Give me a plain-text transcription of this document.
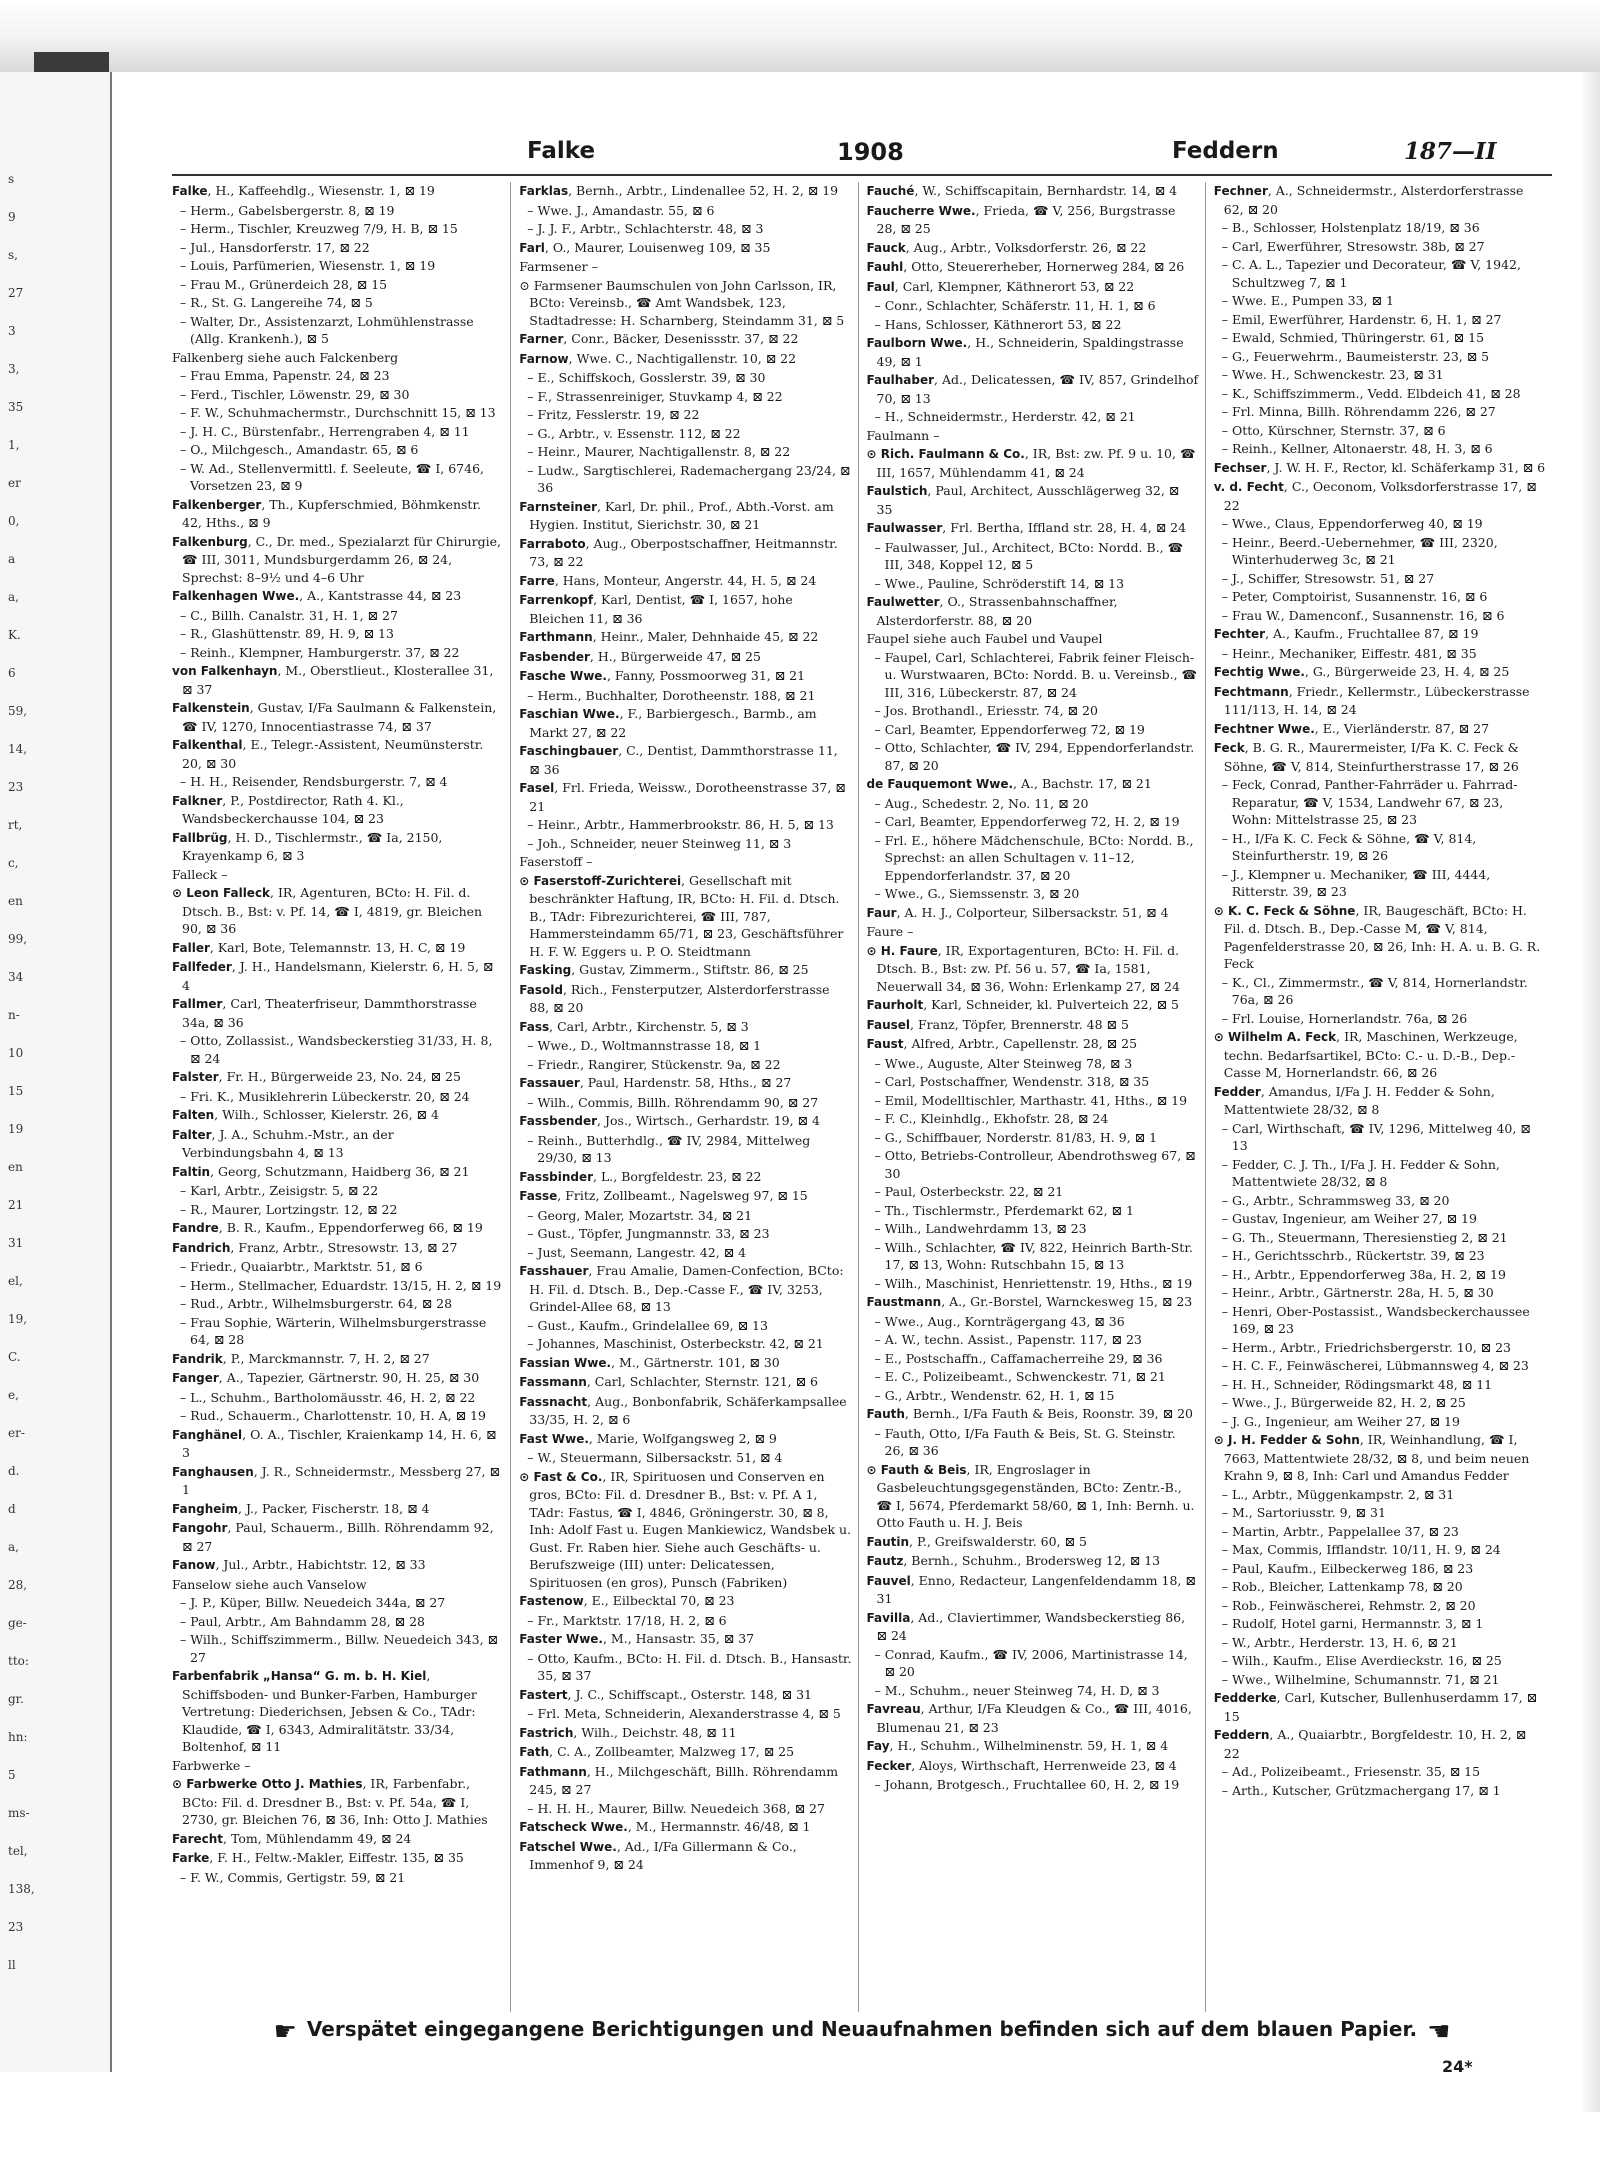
s
9
s,
27
3
3,
35
1,
er
0,
a
a,
K.
6
59,
14,
23
rt,
c,
en
99,
34
n-
10
15
19
en
21
31
el,
19,
C.
e,
er-
d.
d
a,
28,
ge-
tto:
gr.
hn:
5
ms-
tel,
138,
23
ll
Falke	1908	Feddern	187—II
Falke, H., Kaffeehdlg., Wiesenstr. 1, ⊠ 19
– Herm., Gabelsbergerstr. 8, ⊠ 19
– Herm., Tischler, Kreuzweg 7/9, H. B, ⊠ 15
– Jul., Hansdorferstr. 17, ⊠ 22
– Louis, Parfümerien, Wiesenstr. 1, ⊠ 19
– Frau M., Grünerdeich 28, ⊠ 15
– R., St. G. Langereihe 74, ⊠ 5
– Walter, Dr., Assistenzarzt, Lohmühlenstrasse (Allg. Krankenh.), ⊠ 5
Falkenberg siehe auch Falckenberg
– Frau Emma, Papenstr. 24, ⊠ 23
– Ferd., Tischler, Löwenstr. 29, ⊠ 30
– F. W., Schuhmachermstr., Durchschnitt 15, ⊠ 13
– J. H. C., Bürstenfabr., Herrengraben 4, ⊠ 11
– O., Milchgesch., Amandastr. 65, ⊠ 6
– W. Ad., Stellenvermittl. f. Seeleute, ☎ I, 6746, Vorsetzen 23, ⊠ 9
Falkenberger, Th., Kupferschmied, Böhmkenstr. 42, Hths., ⊠ 9
Falkenburg, C., Dr. med., Spezialarzt für Chirurgie, ☎ III, 3011, Mundsburgerdamm 26, ⊠ 24, Sprechst: 8–9½ und 4–6 Uhr
Falkenhagen Wwe., A., Kantstrasse 44, ⊠ 23
– C., Billh. Canalstr. 31, H. 1, ⊠ 27
– R., Glashüttenstr. 89, H. 9, ⊠ 13
– Reinh., Klempner, Hamburgerstr. 37, ⊠ 22
von Falkenhayn, M., Oberstlieut., Klosterallee 31, ⊠ 37
Falkenstein, Gustav, I/Fa Saulmann & Falkenstein, ☎ IV, 1270, Innocentiastrasse 74, ⊠ 37
Falkenthal, E., Telegr.-Assistent, Neumünsterstr. 20, ⊠ 30
– H. H., Reisender, Rendsburgerstr. 7, ⊠ 4
Falkner, P., Postdirector, Rath 4. Kl., Wandsbeckerchausse 104, ⊠ 23
Fallbrüg, H. D., Tischlermstr., ☎ Ia, 2150, Krayenkamp 6, ⊠ 3
Falleck –
⊙ Leon Falleck, IR, Agenturen, BCto: H. Fil. d. Dtsch. B., Bst: v. Pf. 14, ☎ I, 4819, gr. Bleichen 90, ⊠ 36
Faller, Karl, Bote, Telemannstr. 13, H. C, ⊠ 19
Fallfeder, J. H., Handelsmann, Kielerstr. 6, H. 5, ⊠ 4
Fallmer, Carl, Theaterfriseur, Dammthorstrasse 34a, ⊠ 36
– Otto, Zollassist., Wandsbeckerstieg 31/33, H. 8, ⊠ 24
Falster, Fr. H., Bürgerweide 23, No. 24, ⊠ 25
– Fri. K., Musiklehrerin Lübeckerstr. 20, ⊠ 24
Falten, Wilh., Schlosser, Kielerstr. 26, ⊠ 4
Falter, J. A., Schuhm.-Mstr., an der Verbindungsbahn 4, ⊠ 13
Faltin, Georg, Schutzmann, Haidberg 36, ⊠ 21
– Karl, Arbtr., Zeisigstr. 5, ⊠ 22
– R., Maurer, Lortzingstr. 12, ⊠ 22
Fandre, B. R., Kaufm., Eppendorferweg 66, ⊠ 19
Fandrich, Franz, Arbtr., Stresowstr. 13, ⊠ 27
– Friedr., Quaiarbtr., Marktstr. 51, ⊠ 6
– Herm., Stellmacher, Eduardstr. 13/15, H. 2, ⊠ 19
– Rud., Arbtr., Wilhelmsburgerstr. 64, ⊠ 28
– Frau Sophie, Wärterin, Wilhelmsburgerstrasse 64, ⊠ 28
Fandrik, P., Marckmannstr. 7, H. 2, ⊠ 27
Fanger, A., Tapezier, Gärtnerstr. 90, H. 25, ⊠ 30
– L., Schuhm., Bartholomäusstr. 46, H. 2, ⊠ 22
– Rud., Schauerm., Charlottenstr. 10, H. A, ⊠ 19
Fanghänel, O. A., Tischler, Kraienkamp 14, H. 6, ⊠ 3
Fanghausen, J. R., Schneidermstr., Messberg 27, ⊠ 1
Fangheim, J., Packer, Fischerstr. 18, ⊠ 4
Fangohr, Paul, Schauerm., Billh. Röhrendamm 92, ⊠ 27
Fanow, Jul., Arbtr., Habichtstr. 12, ⊠ 33
Fanselow siehe auch Vanselow
– J. P., Küper, Billw. Neuedeich 344a, ⊠ 27
– Paul, Arbtr., Am Bahndamm 28, ⊠ 28
– Wilh., Schiffszimmerm., Billw. Neuedeich 343, ⊠ 27
Farbenfabrik „Hansa“ G. m. b. H. Kiel, Schiffsboden- und Bunker-Farben, Hamburger Vertretung: Diederichsen, Jebsen & Co., TAdr: Klaudide, ☎ I, 6343, Admiralitätstr. 33/34, Boltenhof, ⊠ 11
Farbwerke –
⊙ Farbwerke Otto J. Mathies, IR, Farbenfabr., BCto: Fil. d. Dresdner B., Bst: v. Pf. 54a, ☎ I, 2730, gr. Bleichen 76, ⊠ 36, Inh: Otto J. Mathies
Farecht, Tom, Mühlendamm 49, ⊠ 24
Farke, F. H., Feltw.-Makler, Eiffestr. 135, ⊠ 35
– F. W., Commis, Gertigstr. 59, ⊠ 21
Farklas, Bernh., Arbtr., Lindenallee 52, H. 2, ⊠ 19
– Wwe. J., Amandastr. 55, ⊠ 6
– J. J. F., Arbtr., Schlachterstr. 48, ⊠ 3
Farl, O., Maurer, Louisenweg 109, ⊠ 35
Farmsener –
⊙ Farmsener Baumschulen von John Carlsson, IR, BCto: Vereinsb., ☎ Amt Wandsbek, 123, Stadtadresse: H. Scharnberg, Steindamm 31, ⊠ 5
Farner, Conr., Bäcker, Desenissstr. 37, ⊠ 22
Farnow, Wwe. C., Nachtigallenstr. 10, ⊠ 22
– E., Schiffskoch, Gosslerstr. 39, ⊠ 30
– F., Strassenreiniger, Stuvkamp 4, ⊠ 22
– Fritz, Fesslerstr. 19, ⊠ 22
– G., Arbtr., v. Essenstr. 112, ⊠ 22
– Heinr., Maurer, Nachtigallenstr. 8, ⊠ 22
– Ludw., Sargtischlerei, Rademachergang 23/24, ⊠ 36
Farnsteiner, Karl, Dr. phil., Prof., Abth.-Vorst. am Hygien. Institut, Sierichstr. 30, ⊠ 21
Farraboto, Aug., Oberpostschaffner, Heitmannstr. 73, ⊠ 22
Farre, Hans, Monteur, Angerstr. 44, H. 5, ⊠ 24
Farrenkopf, Karl, Dentist, ☎ I, 1657, hohe Bleichen 11, ⊠ 36
Farthmann, Heinr., Maler, Dehnhaide 45, ⊠ 22
Fasbender, H., Bürgerweide 47, ⊠ 25
Fasche Wwe., Fanny, Possmoorweg 31, ⊠ 21
– Herm., Buchhalter, Dorotheenstr. 188, ⊠ 21
Faschian Wwe., F., Barbiergesch., Barmb., am Markt 27, ⊠ 22
Faschingbauer, C., Dentist, Dammthorstrasse 11, ⊠ 36
Fasel, Frl. Frieda, Weissw., Dorotheenstrasse 37, ⊠ 21
– Heinr., Arbtr., Hammerbrookstr. 86, H. 5, ⊠ 13
– Joh., Schneider, neuer Steinweg 11, ⊠ 3
Faserstoff –
⊙ Faserstoff-Zurichterei, Gesellschaft mit beschränkter Haftung, IR, BCto: H. Fil. d. Dtsch. B., TAdr: Fibrezurichterei, ☎ III, 787, Hammersteindamm 65/71, ⊠ 23, Geschäftsführer H. F. W. Eggers u. P. O. Steidtmann
Fasking, Gustav, Zimmerm., Stiftstr. 86, ⊠ 25
Fasold, Rich., Fensterputzer, Alsterdorferstrasse 88, ⊠ 20
Fass, Carl, Arbtr., Kirchenstr. 5, ⊠ 3
– Wwe., D., Woltmannstrasse 18, ⊠ 1
– Friedr., Rangirer, Stückenstr. 9a, ⊠ 22
Fassauer, Paul, Hardenstr. 58, Hths., ⊠ 27
– Wilh., Commis, Billh. Röhrendamm 90, ⊠ 27
Fassbender, Jos., Wirtsch., Gerhardstr. 19, ⊠ 4
– Reinh., Butterhdlg., ☎ IV, 2984, Mittelweg 29/30, ⊠ 13
Fassbinder, L., Borgfeldestr. 23, ⊠ 22
Fasse, Fritz, Zollbeamt., Nagelsweg 97, ⊠ 15
– Georg, Maler, Mozartstr. 34, ⊠ 21
– Gust., Töpfer, Jungmannstr. 33, ⊠ 23
– Just, Seemann, Langestr. 42, ⊠ 4
Fasshauer, Frau Amalie, Damen-Confection, BCto: H. Fil. d. Dtsch. B., Dep.-Casse F., ☎ IV, 3253, Grindel-Allee 68, ⊠ 13
– Gust., Kaufm., Grindelallee 69, ⊠ 13
– Johannes, Maschinist, Osterbeckstr. 42, ⊠ 21
Fassian Wwe., M., Gärtnerstr. 101, ⊠ 30
Fassmann, Carl, Schlachter, Sternstr. 121, ⊠ 6
Fassnacht, Aug., Bonbonfabrik, Schäferkampsallee 33/35, H. 2, ⊠ 6
Fast Wwe., Marie, Wolfgangsweg 2, ⊠ 9
– W., Steuermann, Silbersackstr. 51, ⊠ 4
⊙ Fast & Co., IR, Spirituosen und Conserven en gros, BCto: Fil. d. Dresdner B., Bst: v. Pf. A 1, TAdr: Fastus, ☎ I, 4846, Gröningerstr. 30, ⊠ 8, Inh: Adolf Fast u. Eugen Mankiewicz, Wandsbek u. Gust. Fr. Raben hier. Siehe auch Geschäfts- u. Berufszweige (III) unter: Delicatessen, Spirituosen (en gros), Punsch (Fabriken)
Fastenow, E., Eilbecktal 70, ⊠ 23
– Fr., Marktstr. 17/18, H. 2, ⊠ 6
Faster Wwe., M., Hansastr. 35, ⊠ 37
– Otto, Kaufm., BCto: H. Fil. d. Dtsch. B., Hansastr. 35, ⊠ 37
Fastert, J. C., Schiffscapt., Osterstr. 148, ⊠ 31
– Frl. Meta, Schneiderin, Alexanderstrasse 4, ⊠ 5
Fastrich, Wilh., Deichstr. 48, ⊠ 11
Fath, C. A., Zollbeamter, Malzweg 17, ⊠ 25
Fathmann, H., Milchgeschäft, Billh. Röhrendamm 245, ⊠ 27
– H. H. H., Maurer, Billw. Neuedeich 368, ⊠ 27
Fatscheck Wwe., M., Hermannstr. 46/48, ⊠ 1
Fatschel Wwe., Ad., I/Fa Gillermann & Co., Immenhof 9, ⊠ 24
Fauché, W., Schiffscapitain, Bernhardstr. 14, ⊠ 4
Faucherre Wwe., Frieda, ☎ V, 256, Burgstrasse 28, ⊠ 25
Fauck, Aug., Arbtr., Volksdorferstr. 26, ⊠ 22
Fauhl, Otto, Steuererheber, Hornerweg 284, ⊠ 26
Faul, Carl, Klempner, Käthnerort 53, ⊠ 22
– Conr., Schlachter, Schäferstr. 11, H. 1, ⊠ 6
– Hans, Schlosser, Käthnerort 53, ⊠ 22
Faulborn Wwe., H., Schneiderin, Spaldingstrasse 49, ⊠ 1
Faulhaber, Ad., Delicatessen, ☎ IV, 857, Grindelhof 70, ⊠ 13
– H., Schneidermstr., Herderstr. 42, ⊠ 21
Faulmann –
⊙ Rich. Faulmann & Co., IR, Bst: zw. Pf. 9 u. 10, ☎ III, 1657, Mühlendamm 41, ⊠ 24
Faulstich, Paul, Architect, Ausschlägerweg 32, ⊠ 35
Faulwasser, Frl. Bertha, Iffland str. 28, H. 4, ⊠ 24
– Faulwasser, Jul., Architect, BCto: Nordd. B., ☎ III, 348, Koppel 12, ⊠ 5
– Wwe., Pauline, Schröderstift 14, ⊠ 13
Faulwetter, O., Strassenbahnschaffner, Alsterdorferstr. 88, ⊠ 20
Faupel siehe auch Faubel und Vaupel
– Faupel, Carl, Schlachterei, Fabrik feiner Fleisch- u. Wurstwaaren, BCto: Nordd. B. u. Vereinsb., ☎ III, 316, Lübeckerstr. 87, ⊠ 24
– Jos. Brothandl., Eriesstr. 74, ⊠ 20
– Carl, Beamter, Eppendorferweg 72, ⊠ 19
– Otto, Schlachter, ☎ IV, 294, Eppendorferlandstr. 87, ⊠ 20
de Fauquemont Wwe., A., Bachstr. 17, ⊠ 21
– Aug., Schedestr. 2, No. 11, ⊠ 20
– Carl, Beamter, Eppendorferweg 72, H. 2, ⊠ 19
– Frl. E., höhere Mädchenschule, BCto: Nordd. B., Sprechst: an allen Schultagen v. 11–12, Eppendorferlandstr. 37, ⊠ 20
– Wwe., G., Siemssenstr. 3, ⊠ 20
Faur, A. H. J., Colporteur, Silbersackstr. 51, ⊠ 4
Faure –
⊙ H. Faure, IR, Exportagenturen, BCto: H. Fil. d. Dtsch. B., Bst: zw. Pf. 56 u. 57, ☎ Ia, 1581, Neuerwall 34, ⊠ 36, Wohn: Erlenkamp 27, ⊠ 24
Faurholt, Karl, Schneider, kl. Pulverteich 22, ⊠ 5
Fausel, Franz, Töpfer, Brennerstr. 48 ⊠ 5
Faust, Alfred, Arbtr., Capellenstr. 28, ⊠ 25
– Wwe., Auguste, Alter Steinweg 78, ⊠ 3
– Carl, Postschaffner, Wendenstr. 318, ⊠ 35
– Emil, Modelltischler, Marthastr. 41, Hths., ⊠ 19
– F. C., Kleinhdlg., Ekhofstr. 28, ⊠ 24
– G., Schiffbauer, Norderstr. 81/83, H. 9, ⊠ 1
– Otto, Betriebs-Controlleur, Abendrothsweg 67, ⊠ 30
– Paul, Osterbeckstr. 22, ⊠ 21
– Th., Tischlermstr., Pferdemarkt 62, ⊠ 1
– Wilh., Landwehrdamm 13, ⊠ 23
– Wilh., Schlachter, ☎ IV, 822, Heinrich Barth-Str. 17, ⊠ 13, Wohn: Rutschbahn 15, ⊠ 13
– Wilh., Maschinist, Henriettenstr. 19, Hths., ⊠ 19
Faustmann, A., Gr.-Borstel, Warnckesweg 15, ⊠ 23
– Wwe., Aug., Kornträgergang 43, ⊠ 36
– A. W., techn. Assist., Papenstr. 117, ⊠ 23
– E., Postschaffn., Caffamacherreihe 29, ⊠ 36
– E. C., Polizeibeamt., Schwenckestr. 71, ⊠ 21
– G., Arbtr., Wendenstr. 62, H. 1, ⊠ 15
Fauth, Bernh., I/Fa Fauth & Beis, Roonstr. 39, ⊠ 20
– Fauth, Otto, I/Fa Fauth & Beis, St. G. Steinstr. 26, ⊠ 36
⊙ Fauth & Beis, IR, Engroslager in Gasbeleuchtungsgegenständen, BCto: Zentr.-B., ☎ I, 5674, Pferdemarkt 58/60, ⊠ 1, Inh: Bernh. u. Otto Fauth u. H. J. Beis
Fautin, P., Greifswalderstr. 60, ⊠ 5
Fautz, Bernh., Schuhm., Brodersweg 12, ⊠ 13
Fauvel, Enno, Redacteur, Langenfeldendamm 18, ⊠ 31
Favilla, Ad., Claviertimmer, Wandsbeckerstieg 86, ⊠ 24
– Conrad, Kaufm., ☎ IV, 2006, Martinistrasse 14, ⊠ 20
– M., Schuhm., neuer Steinweg 74, H. D, ⊠ 3
Favreau, Arthur, I/Fa Kleudgen & Co., ☎ III, 4016, Blumenau 21, ⊠ 23
Fay, H., Schuhm., Wilhelminenstr. 59, H. 1, ⊠ 4
Fecker, Aloys, Wirthschaft, Herrenweide 23, ⊠ 4
– Johann, Brotgesch., Fruchtallee 60, H. 2, ⊠ 19
Fechner, A., Schneidermstr., Alsterdorferstrasse 62, ⊠ 20
– B., Schlosser, Holstenplatz 18/19, ⊠ 36
– Carl, Ewerführer, Stresowstr. 38b, ⊠ 27
– C. A. L., Tapezier und Decorateur, ☎ V, 1942, Schultzweg 7, ⊠ 1
– Wwe. E., Pumpen 33, ⊠ 1
– Emil, Ewerführer, Hardenstr. 6, H. 1, ⊠ 27
– Ewald, Schmied, Thüringerstr. 61, ⊠ 15
– G., Feuerwehrm., Baumeisterstr. 23, ⊠ 5
– Wwe. H., Schwenckestr. 23, ⊠ 31
– K., Schiffszimmerm., Vedd. Elbdeich 41, ⊠ 28
– Frl. Minna, Billh. Röhrendamm 226, ⊠ 27
– Otto, Kürschner, Sternstr. 37, ⊠ 6
– Reinh., Kellner, Altonaerstr. 48, H. 3, ⊠ 6
Fechser, J. W. H. F., Rector, kl. Schäferkamp 31, ⊠ 6
v. d. Fecht, C., Oeconom, Volksdorferstrasse 17, ⊠ 22
– Wwe., Claus, Eppendorferweg 40, ⊠ 19
– Heinr., Beerd.-Uebernehmer, ☎ III, 2320, Winterhuderweg 3c, ⊠ 21
– J., Schiffer, Stresowstr. 51, ⊠ 27
– Peter, Comptoirist, Susannenstr. 16, ⊠ 6
– Frau W., Damenconf., Susannenstr. 16, ⊠ 6
Fechter, A., Kaufm., Fruchtallee 87, ⊠ 19
– Heinr., Mechaniker, Eiffestr. 481, ⊠ 35
Fechtig Wwe., G., Bürgerweide 23, H. 4, ⊠ 25
Fechtmann, Friedr., Kellermstr., Lübeckerstrasse 111/113, H. 14, ⊠ 24
Fechtner Wwe., E., Vierländerstr. 87, ⊠ 27
Feck, B. G. R., Maurermeister, I/Fa K. C. Feck & Söhne, ☎ V, 814, Steinfurtherstrasse 17, ⊠ 26
– Feck, Conrad, Panther-Fahrräder u. Fahrrad-Reparatur, ☎ V, 1534, Landwehr 67, ⊠ 23, Wohn: Mittelstrasse 25, ⊠ 23
– H., I/Fa K. C. Feck & Söhne, ☎ V, 814, Steinfurtherstr. 19, ⊠ 26
– J., Klempner u. Mechaniker, ☎ III, 4444, Ritterstr. 39, ⊠ 23
⊙ K. C. Feck & Söhne, IR, Baugeschäft, BCto: H. Fil. d. Dtsch. B., Dep.-Casse M, ☎ V, 814, Pagenfelderstrasse 20, ⊠ 26, Inh: H. A. u. B. G. R. Feck
– K., Cl., Zimmermstr., ☎ V, 814, Hornerlandstr. 76a, ⊠ 26
– Frl. Louise, Hornerlandstr. 76a, ⊠ 26
⊙ Wilhelm A. Feck, IR, Maschinen, Werkzeuge, techn. Bedarfsartikel, BCto: C.- u. D.-B., Dep.-Casse M, Hornerlandstr. 66, ⊠ 26
Fedder, Amandus, I/Fa J. H. Fedder & Sohn, Mattentwiete 28/32, ⊠ 8
– Carl, Wirthschaft, ☎ IV, 1296, Mittelweg 40, ⊠ 13
– Fedder, C. J. Th., I/Fa J. H. Fedder & Sohn, Mattentwiete 28/32, ⊠ 8
– G., Arbtr., Schrammsweg 33, ⊠ 20
– Gustav, Ingenieur, am Weiher 27, ⊠ 19
– G. Th., Steuermann, Theresienstieg 2, ⊠ 21
– H., Gerichtsschrb., Rückertstr. 39, ⊠ 23
– H., Arbtr., Eppendorferweg 38a, H. 2, ⊠ 19
– Heinr., Arbtr., Gärtnerstr. 28a, H. 5, ⊠ 30
– Henri, Ober-Postassist., Wandsbeckerchaussee 169, ⊠ 23
– Herm., Arbtr., Friedrichsbergerstr. 10, ⊠ 23
– H. C. F., Feinwäscherei, Lübmannsweg 4, ⊠ 23
– H. H., Schneider, Rödingsmarkt 48, ⊠ 11
– Wwe., J., Bürgerweide 82, H. 2, ⊠ 25
– J. G., Ingenieur, am Weiher 27, ⊠ 19
⊙ J. H. Fedder & Sohn, IR, Weinhandlung, ☎ I, 7663, Mattentwiete 28/32, ⊠ 8, und beim neuen Krahn 9, ⊠ 8, Inh: Carl und Amandus Fedder
– L., Arbtr., Müggenkampstr. 2, ⊠ 31
– M., Sartoriusstr. 9, ⊠ 31
– Martin, Arbtr., Pappelallee 37, ⊠ 23
– Max, Commis, Ifflandstr. 10/11, H. 9, ⊠ 24
– Paul, Kaufm., Eilbeckerweg 186, ⊠ 23
– Rob., Bleicher, Lattenkamp 78, ⊠ 20
– Rob., Feinwäscherei, Rehmstr. 2, ⊠ 20
– Rudolf, Hotel garni, Hermannstr. 3, ⊠ 1
– W., Arbtr., Herderstr. 13, H. 6, ⊠ 21
– Wilh., Kaufm., Elise Averdieckstr. 16, ⊠ 25
– Wwe., Wilhelmine, Schumannstr. 71, ⊠ 21
Fedderke, Carl, Kutscher, Bullenhuserdamm 17, ⊠ 15
Feddern, A., Quaiarbtr., Borgfeldestr. 10, H. 2, ⊠ 22
– Ad., Polizeibeamt., Friesenstr. 35, ⊠ 15
– Arth., Kutscher, Grützmachergang 17, ⊠ 1
☛ Verspätet eingegangene Berichtigungen und Neuaufnahmen befinden sich auf dem blauen Papier. ☚
24*
